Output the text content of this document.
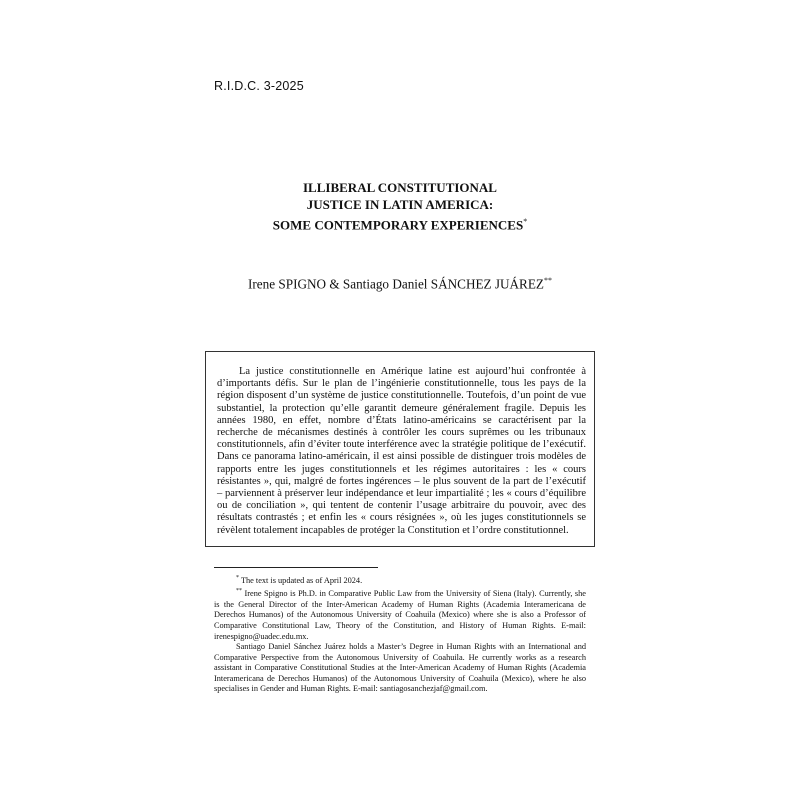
R.I.D.C. 3-2025
ILLIBERAL CONSTITUTIONAL
JUSTICE IN LATIN AMERICA:
SOME CONTEMPORARY EXPERIENCES*
Irene SPIGNO & Santiago Daniel SÁNCHEZ JUÁREZ**

La justice constitutionnelle en Amérique latine est aujourd’hui confrontée à d’importants défis. Sur le plan de l’ingénierie constitutionnelle, tous les pays de la région disposent d’un système de justice constitutionnelle. Toutefois, d’un point de vue substantiel, la protection qu’elle garantit demeure généralement fragile. Depuis les années 1980, en effet, nombre d’États latino-américains se caractérisent par la recherche de mécanismes destinés à contrôler les cours suprêmes ou les tribunaux constitutionnels, afin d’éviter toute interférence avec la stratégie politique de l’exécutif. Dans ce panorama latino-américain, il est ainsi possible de distinguer trois modèles de rapports entre les juges constitutionnels et les régimes autoritaires : les « cours résistantes », qui, malgré de fortes ingérences – le plus souvent de la part de l’exécutif – parviennent à préserver leur indépendance et leur impartialité ; les « cours d’équilibre ou de conciliation », qui tentent de contenir l’usage arbitraire du pouvoir, avec des résultats contrastés ; et enfin les « cours résignées », où les juges constitutionnels se révèlent totalement incapables de protéger la Constitution et l’ordre constitutionnel.

* The text is updated as of April 2024.

** Irene Spigno is Ph.D. in Comparative Public Law from the University of Siena (Italy). Currently, she is the General Director of the Inter-American Academy of Human Rights (Academia Interamericana de Derechos Humanos) of the Autonomous University of Coahuila (Mexico) where she is also a Professor of Comparative Constitutional Law, Theory of the Constitution, and History of Human Rights. E-mail: irenespigno@uadec.edu.mx.

Santiago Daniel Sánchez Juárez holds a Master’s Degree in Human Rights with an International and Comparative Perspective from the Autonomous University of Coahuila. He currently works as a research assistant in Comparative Constitutional Studies at the Inter-American Academy of Human Rights (Academia Interamericana de Derechos Humanos) of the Autonomous University of Coahuila (Mexico), where he also specialises in Gender and Human Rights. E-mail: santiagosanchezjaf@gmail.com.
